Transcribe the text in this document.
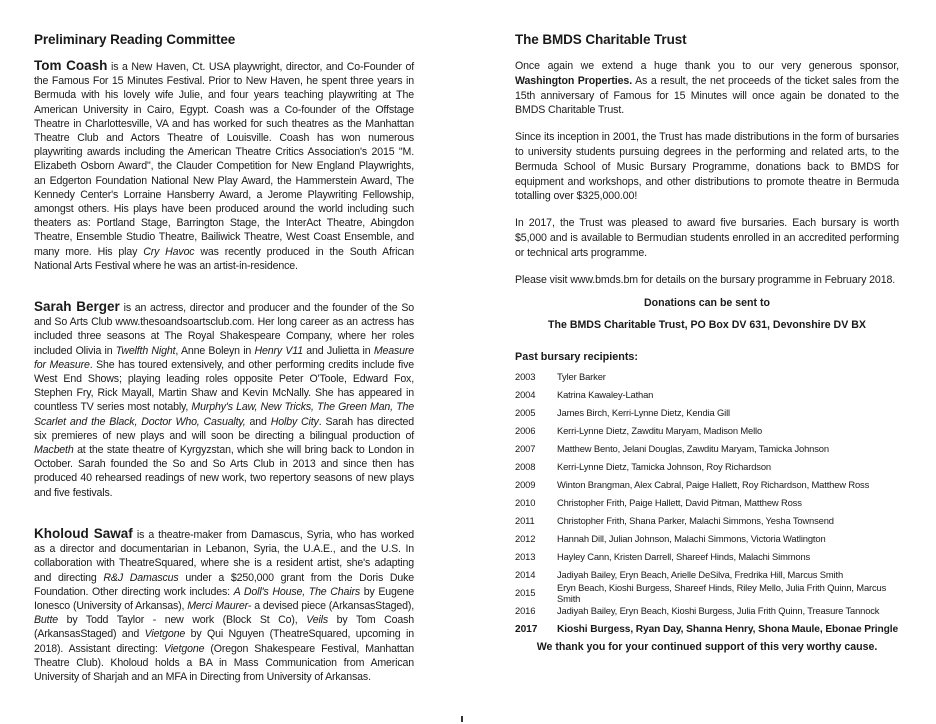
Preliminary Reading Committee

Tom Coash is a New Haven, Ct. USA playwright, director, and Co-Founder of the Famous For 15 Minutes Festival. Prior to New Haven, he spent three years in Bermuda with his lovely wife Julie, and four years teaching playwriting at The American University in Cairo, Egypt. Coash was a Co-founder of the Offstage Theatre in Charlottesville, VA and has worked for such theatres as the Manhattan Theatre Club and Actors Theatre of Louisville. Coash has won numerous playwriting awards including the American Theatre Critics Association's 2015 "M. Elizabeth Osborn Award", the Clauder Competition for New England Playwrights, an Edgerton Foundation National New Play Award, the Hammerstein Award, The Kennedy Center's Lorraine Hansberry Award, a Jerome Playwriting Fellowship, amongst others. His plays have been produced around the world including such theaters as: Portland Stage, Barrington Stage, the InterAct Theatre, Abingdon Theatre, Ensemble Studio Theatre, Bailiwick Theatre, West Coast Ensemble, and many more. His play Cry Havoc was recently produced in the South African National Arts Festival where he was an artist-in-residence.

Sarah Berger is an actress, director and producer and the founder of the So and So Arts Club www.thesoandsoartsclub.com. Her long career as an actress has included three seasons at The Royal Shakespeare Company, where her roles included Olivia in Twelfth Night, Anne Boleyn in Henry V11 and Julietta in Measure for Measure. She has toured extensively, and other performing credits include five West End Shows; playing leading roles opposite Peter O'Toole, Edward Fox, Stephen Fry, Rick Mayall, Martin Shaw and Kevin McNally. She has appeared in countless TV series most notably, Murphy's Law, New Tricks, The Green Man, The Scarlet and the Black, Doctor Who, Casualty, and Holby City. Sarah has directed six premieres of new plays and will soon be directing a bilingual production of Macbeth at the state theatre of Kyrgyzstan, which she will bring back to London in October. Sarah founded the So and So Arts Club in 2013 and since then has produced 40 rehearsed readings of new work, two repertory seasons of new plays and five festivals.

Kholoud Sawaf is a theatre-maker from Damascus, Syria, who has worked as a director and documentarian in Lebanon, Syria, the U.A.E., and the U.S. In collaboration with TheatreSquared, where she is a resident artist, she's adapting and directing R&J Damascus under a $250,000 grant from the Doris Duke Foundation. Other directing work includes: A Doll's House, The Chairs by Eugene Ionesco (University of Arkansas), Merci Maurer- a devised piece (ArkansasStaged), Butte by Todd Taylor - new work (Block St Co), Veils by Tom Coash (ArkansasStaged) and Vietgone by Qui Nguyen (TheatreSquared, upcoming in 2018). Assistant directing: Vietgone (Oregon Shakespeare Festival, Manhattan Theatre Club). Kholoud holds a BA in Mass Communication from American University of Sharjah and an MFA in Directing from University of Arkansas.

The BMDS Charitable Trust

Once again we extend a huge thank you to our very generous sponsor, Washington Properties. As a result, the net proceeds of the ticket sales from the 15th anniversary of Famous for 15 Minutes will once again be donated to the BMDS Charitable Trust.

Since its inception in 2001, the Trust has made distributions in the form of bursaries to university students pursuing degrees in the performing and related arts, to the Bermuda School of Music Bursary Programme, donations back to BMDS for equipment and workshops, and other distributions to promote theatre in Bermuda totalling over $325,000.00!

In 2017, the Trust was pleased to award five bursaries. Each bursary is worth $5,000 and is available to Bermudian students enrolled in an accredited performing or technical arts programme.

Please visit www.bmds.bm for details on the bursary programme in February 2018.

Donations can be sent to

The BMDS Charitable Trust, PO Box DV 631, Devonshire DV BX

Past bursary recipients:

2003	Tyler Barker
2004	Katrina Kawaley-Lathan
2005	James Birch, Kerri-Lynne Dietz, Kendia Gill
2006	Kerri-Lynne Dietz, Zawditu Maryam, Madison Mello
2007	Matthew Bento, Jelani Douglas, Zawditu Maryam, Tamicka Johnson
2008	Kerri-Lynne Dietz, Tamicka Johnson, Roy Richardson
2009	Winton Brangman, Alex Cabral, Paige Hallett, Roy Richardson, Matthew Ross
2010	Christopher Frith, Paige Hallett, David Pitman, Matthew Ross
2011	Christopher Frith, Shana Parker, Malachi Simmons, Yesha Townsend
2012	Hannah Dill, Julian Johnson, Malachi Simmons, Victoria Watlington
2013	Hayley Cann, Kristen Darrell, Shareef Hinds, Malachi Simmons
2014	Jadiyah Bailey, Eryn Beach, Arielle DeSilva, Fredrika Hill, Marcus Smith
2015	Eryn Beach, Kioshi Burgess, Shareef Hinds, Riley Mello, Julia Frith Quinn, Marcus Smith
2016	Jadiyah Bailey, Eryn Beach, Kioshi Burgess, Julia Frith Quinn, Treasure Tannock
2017	Kioshi Burgess, Ryan Day, Shanna Henry, Shona Maule, Ebonae Pringle

We thank you for your continued support of this very worthy cause.
